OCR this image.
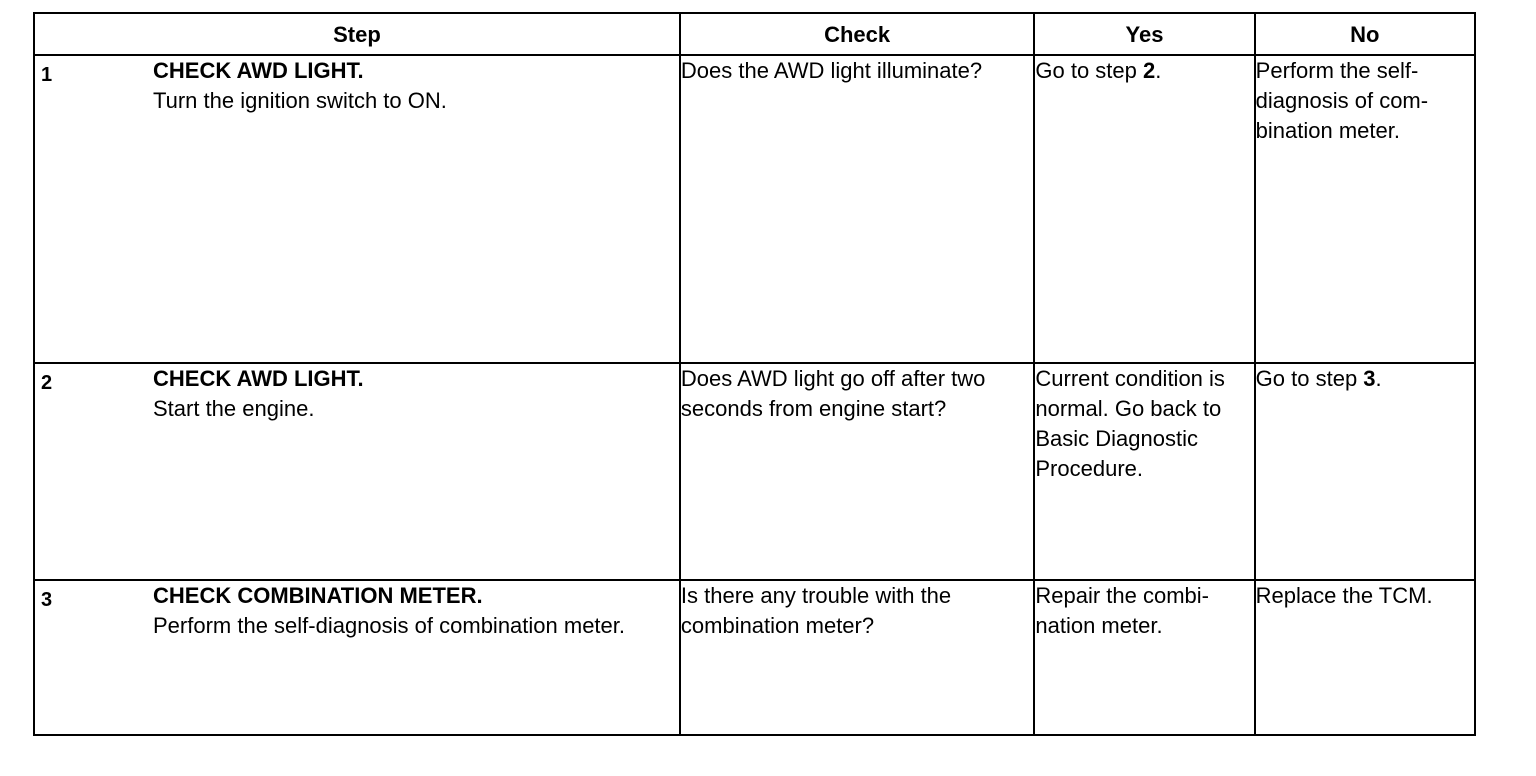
Step	Check	Yes	No

1 CHECK AWD LIGHT.
Turn the ignition switch to ON.	Does the AWD light illuminate?	Go to step 2.	Perform the self-diagnosis of com-bination meter.

2 CHECK AWD LIGHT.
Start the engine.	Does AWD light go off after two seconds from engine start?	Current condition is normal. Go back to Basic Diagnostic Procedure.	Go to step 3.

3 CHECK COMBINATION METER.
Perform the self-diagnosis of combination meter.	Is there any trouble with the combination meter?	Repair the combi-nation meter.	Replace the TCM.
